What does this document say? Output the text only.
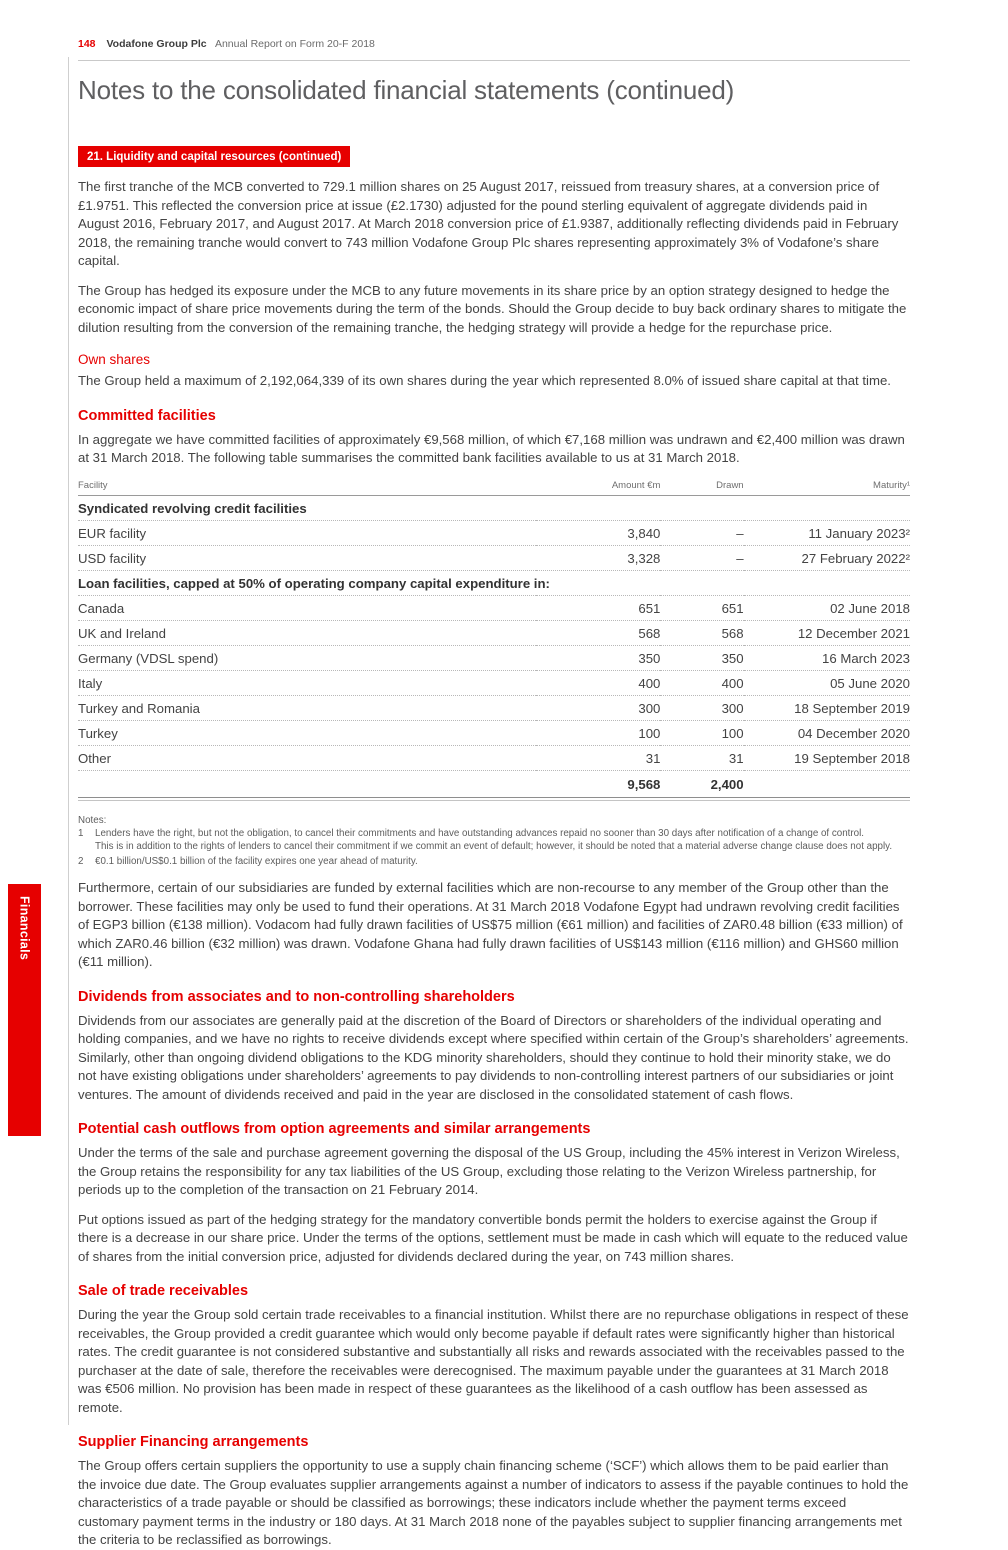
Financials
148 Vodafone Group Plc Annual Report on Form 20-F 2018
Notes to the consolidated financial statements (continued)
21. Liquidity and capital resources (continued)

The first tranche of the MCB converted to 729.1 million shares on 25 August 2017, reissued from treasury shares, at a conversion price of £1.9751. This reflected the conversion price at issue (£2.1730) adjusted for the pound sterling equivalent of aggregate dividends paid in August 2016, February 2017, and August 2017. At March 2018 conversion price of £1.9387, additionally reflecting dividends paid in February 2018, the remaining tranche would convert to 743 million Vodafone Group Plc shares representing approximately 3% of Vodafone’s share capital.

The Group has hedged its exposure under the MCB to any future movements in its share price by an option strategy designed to hedge the economic impact of share price movements during the term of the bonds. Should the Group decide to buy back ordinary shares to mitigate the dilution resulting from the conversion of the remaining tranche, the hedging strategy will provide a hedge for the repurchase price.

Own shares

The Group held a maximum of 2,192,064,339 of its own shares during the year which represented 8.0% of issued share capital at that time.

Committed facilities

In aggregate we have committed facilities of approximately €9,568 million, of which €7,168 million was undrawn and €2,400 million was drawn at 31 March 2018. The following table summarises the committed bank facilities available to us at 31 March 2018.

Facility	Amount €m	Drawn	Maturity¹
Syndicated revolving credit facilities			
EUR facility	3,840	–	11 January 2023²
USD facility	3,328	–	27 February 2022²
Loan facilities, capped at 50% of operating company capital expenditure in:			
Canada	651	651	02 June 2018
UK and Ireland	568	568	12 December 2021
Germany (VDSL spend)	350	350	16 March 2023
Italy	400	400	05 June 2020
Turkey and Romania	300	300	18 September 2019
Turkey	100	100	04 December 2020
Other	31	31	19 September 2018
	9,568	2,400	
Notes:
1	Lenders have the right, but not the obligation, to cancel their commitments and have outstanding advances repaid no sooner than 30 days after notification of a change of control.
This is in addition to the rights of lenders to cancel their commitment if we commit an event of default; however, it should be noted that a material adverse change clause does not apply.
2	€0.1 billion/US$0.1 billion of the facility expires one year ahead of maturity.

Furthermore, certain of our subsidiaries are funded by external facilities which are non-recourse to any member of the Group other than the borrower. These facilities may only be used to fund their operations. At 31 March 2018 Vodafone Egypt had undrawn revolving credit facilities of EGP3 billion (€138 million). Vodacom had fully drawn facilities of US$75 million (€61 million) and facilities of ZAR0.48 billion (€33 million) of which ZAR0.46 billion (€32 million) was drawn. Vodafone Ghana had fully drawn facilities of US$143 million (€116 million) and GHS60 million (€11 million).

Dividends from associates and to non-controlling shareholders

Dividends from our associates are generally paid at the discretion of the Board of Directors or shareholders of the individual operating and holding companies, and we have no rights to receive dividends except where specified within certain of the Group’s shareholders’ agreements. Similarly, other than ongoing dividend obligations to the KDG minority shareholders, should they continue to hold their minority stake, we do not have existing obligations under shareholders’ agreements to pay dividends to non-controlling interest partners of our subsidiaries or joint ventures. The amount of dividends received and paid in the year are disclosed in the consolidated statement of cash flows.

Potential cash outflows from option agreements and similar arrangements

Under the terms of the sale and purchase agreement governing the disposal of the US Group, including the 45% interest in Verizon Wireless, the Group retains the responsibility for any tax liabilities of the US Group, excluding those relating to the Verizon Wireless partnership, for periods up to the completion of the transaction on 21 February 2014.

Put options issued as part of the hedging strategy for the mandatory convertible bonds permit the holders to exercise against the Group if there is a decrease in our share price. Under the terms of the options, settlement must be made in cash which will equate to the reduced value of shares from the initial conversion price, adjusted for dividends declared during the year, on 743 million shares.

Sale of trade receivables

During the year the Group sold certain trade receivables to a financial institution. Whilst there are no repurchase obligations in respect of these receivables, the Group provided a credit guarantee which would only become payable if default rates were significantly higher than historical rates. The credit guarantee is not considered substantive and substantially all risks and rewards associated with the receivables passed to the purchaser at the date of sale, therefore the receivables were derecognised. The maximum payable under the guarantees at 31 March 2018 was €506 million. No provision has been made in respect of these guarantees as the likelihood of a cash outflow has been assessed as remote.

Supplier Financing arrangements

The Group offers certain suppliers the opportunity to use a supply chain financing scheme (‘SCF’) which allows them to be paid earlier than the invoice due date. The Group evaluates supplier arrangements against a number of indicators to assess if the payable continues to hold the characteristics of a trade payable or should be classified as borrowings; these indicators include whether the payment terms exceed customary payment terms in the industry or 180 days. At 31 March 2018 none of the payables subject to supplier financing arrangements met the criteria to be reclassified as borrowings.
